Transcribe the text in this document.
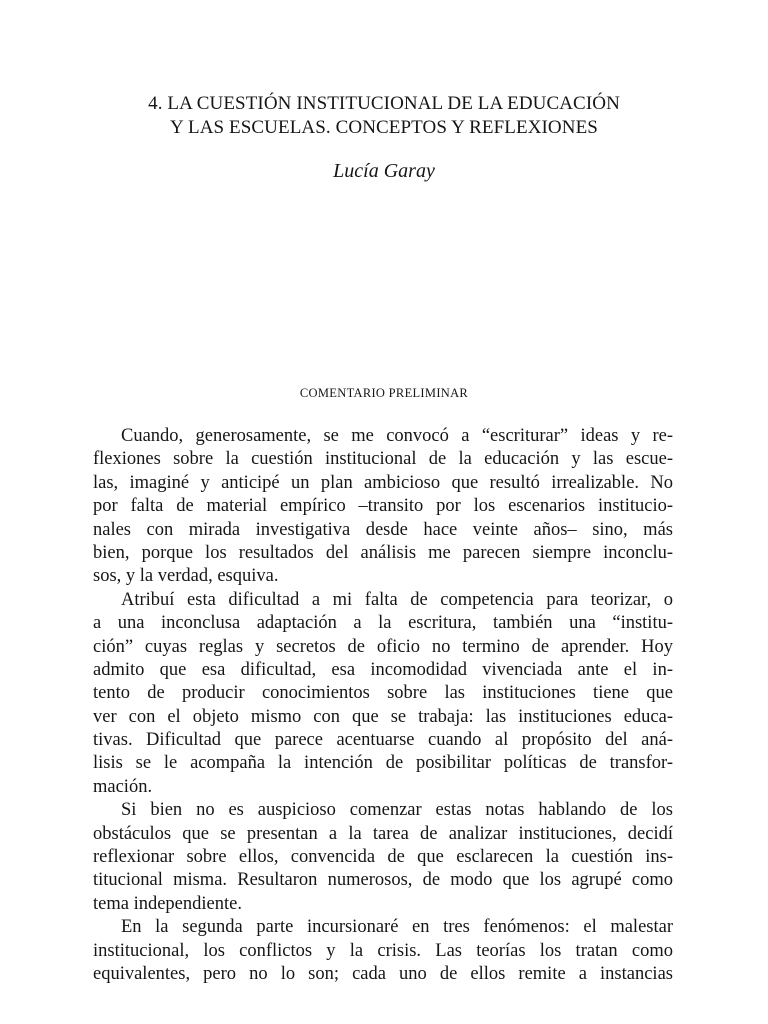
4. LA CUESTIÓN INSTITUCIONAL DE LA EDUCACIÓN
Y LAS ESCUELAS. CONCEPTOS Y REFLEXIONES

Lucía Garay

COMENTARIO PRELIMINAR

Cuando, generosamente, se me convocó a “escriturar” ideas y re-
flexiones sobre la cuestión institucional de la educación y las escue-
las, imaginé y anticipé un plan ambicioso que resultó irrealizable. No
por falta de material empírico –transito por los escenarios institucio-
nales con mirada investigativa desde hace veinte años– sino, más
bien, porque los resultados del análisis me parecen siempre inconclu-
sos, y la verdad, esquiva.
Atribuí esta dificultad a mi falta de competencia para teorizar, o
a una inconclusa adaptación a la escritura, también una “institu-
ción” cuyas reglas y secretos de oficio no termino de aprender. Hoy
admito que esa dificultad, esa incomodidad vivenciada ante el in-
tento de producir conocimientos sobre las instituciones tiene que
ver con el objeto mismo con que se trabaja: las instituciones educa-
tivas. Dificultad que parece acentuarse cuando al propósito del aná-
lisis se le acompaña la intención de posibilitar políticas de transfor-
mación.
Si bien no es auspicioso comenzar estas notas hablando de los
obstáculos que se presentan a la tarea de analizar instituciones, decidí
reflexionar sobre ellos, convencida de que esclarecen la cuestión ins-
titucional misma. Resultaron numerosos, de modo que los agrupé como
tema independiente.
En la segunda parte incursionaré en tres fenómenos: el malestar
institucional, los conflictos y la crisis. Las teorías los tratan como
equivalentes, pero no lo son; cada uno de ellos remite a instancias
